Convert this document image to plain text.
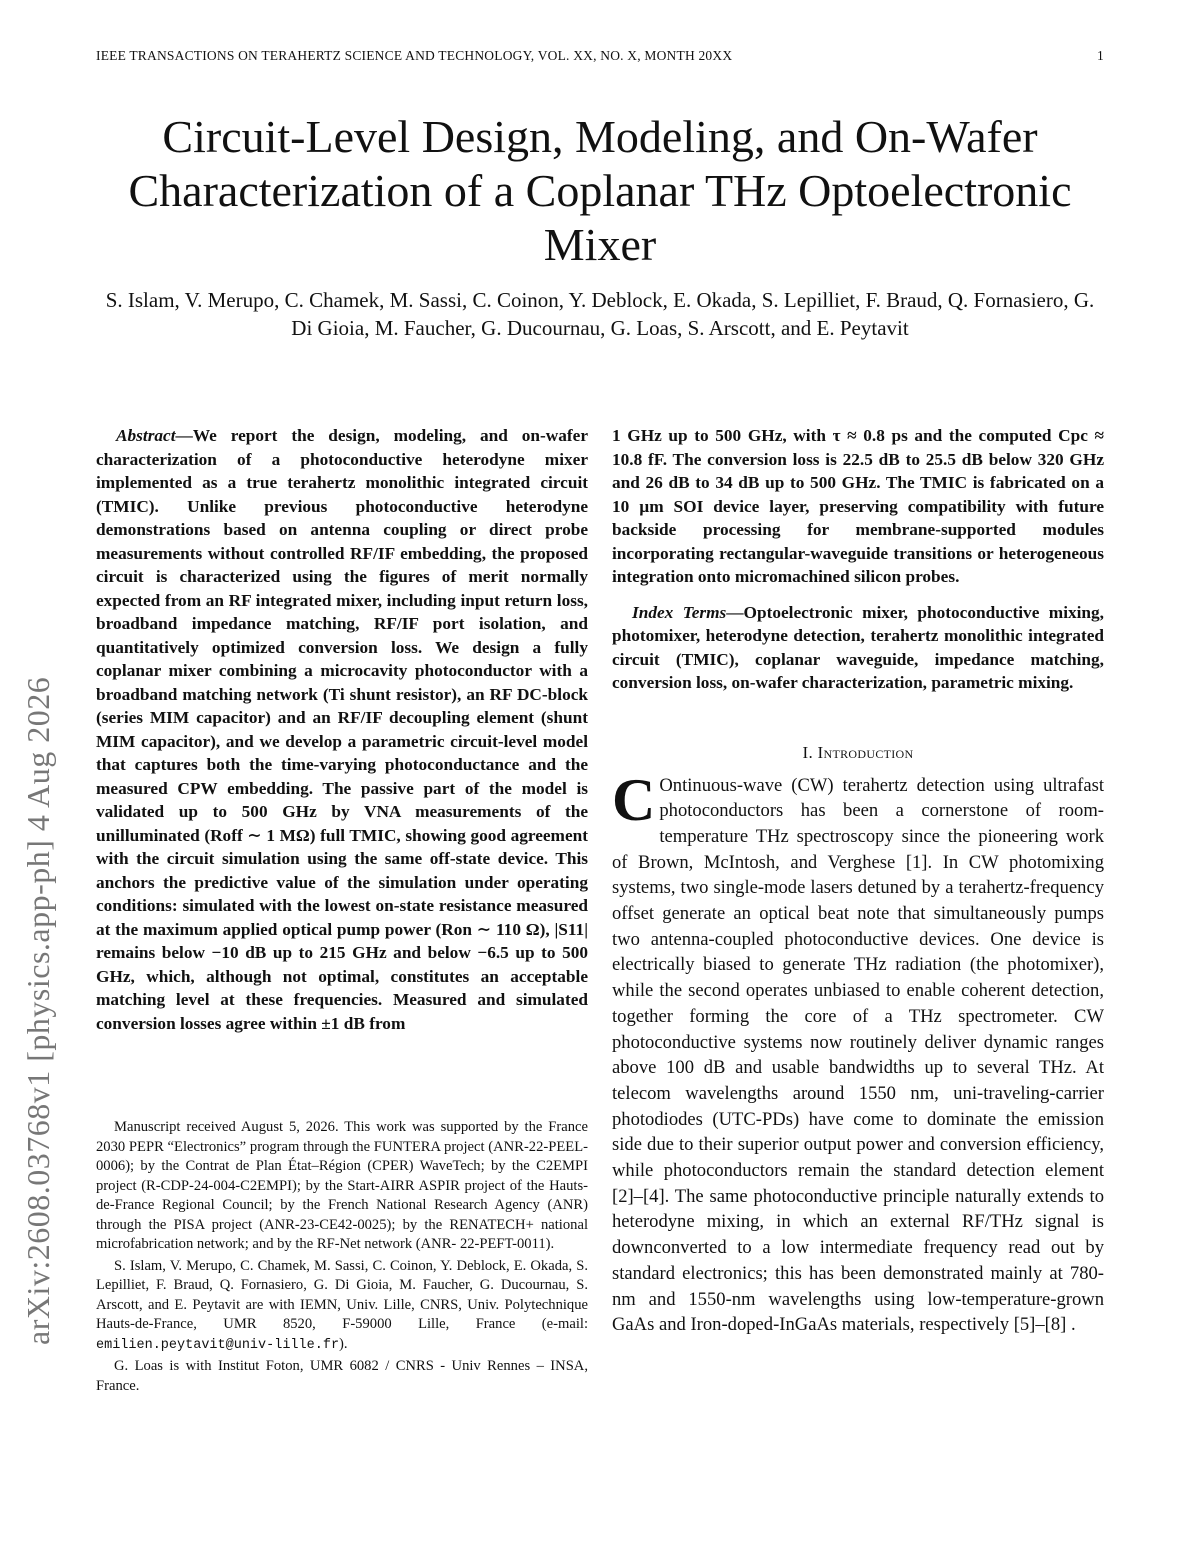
IEEE TRANSACTIONS ON TERAHERTZ SCIENCE AND TECHNOLOGY, VOL. XX, NO. X, MONTH 20XX	1
arXiv:2608.03768v1 [physics.app-ph] 4 Aug 2026
Circuit-Level Design, Modeling, and On-Wafer Characterization of a Coplanar THz Optoelectronic Mixer
S. Islam, V. Merupo, C. Chamek, M. Sassi, C. Coinon, Y. Deblock, E. Okada, S. Lepilliet, F. Braud, Q. Fornasiero, G. Di Gioia, M. Faucher, G. Ducournau, G. Loas, S. Arscott, and E. Peytavit

Abstract—We report the design, modeling, and on-wafer characterization of a photoconductive heterodyne mixer implemented as a true terahertz monolithic integrated circuit (TMIC). Unlike previous photoconductive heterodyne demonstrations based on antenna coupling or direct probe measurements without controlled RF/IF embedding, the proposed circuit is characterized using the figures of merit normally expected from an RF integrated mixer, including input return loss, broadband impedance matching, RF/IF port isolation, and quantitatively optimized conversion loss. We design a fully coplanar mixer combining a microcavity photoconductor with a broadband matching network (Ti shunt resistor), an RF DC-block (series MIM capacitor) and an RF/IF decoupling element (shunt MIM capacitor), and we develop a parametric circuit-level model that captures both the time-varying photoconductance and the measured CPW embedding. The passive part of the model is validated up to 500 GHz by VNA measurements of the unilluminated (Roff ∼ 1 MΩ) full TMIC, showing good agreement with the circuit simulation using the same off-state device. This anchors the predictive value of the simulation under operating conditions: simulated with the lowest on-state resistance measured at the maximum applied optical pump power (Ron ∼ 110 Ω), |S11| remains below −10 dB up to 215 GHz and below −6.5 up to 500 GHz, which, although not optimal, constitutes an acceptable matching level at these frequencies. Measured and simulated conversion losses agree within ±1 dB from

Manuscript received August 5, 2026. This work was supported by the France 2030 PEPR “Electronics” program through the FUNTERA project (ANR-22-PEEL-0006); by the Contrat de Plan État–Région (CPER) WaveTech; by the C2EMPI project (R-CDP-24-004-C2EMPI); by the Start-AIRR ASPIR project of the Hauts-de-France Regional Council; by the French National Research Agency (ANR) through the PISA project (ANR-23-CE42-0025); by the RENATECH+ national microfabrication network; and by the RF-Net network (ANR- 22-PEFT-0011).

S. Islam, V. Merupo, C. Chamek, M. Sassi, C. Coinon, Y. Deblock, E. Okada, S. Lepilliet, F. Braud, Q. Fornasiero, G. Di Gioia, M. Faucher, G. Ducournau, S. Arscott, and E. Peytavit are with IEMN, Univ. Lille, CNRS, Univ. Polytechnique Hauts-de-France, UMR 8520, F-59000 Lille, France (e-mail: emilien.peytavit@univ-lille.fr).

G. Loas is with Institut Foton, UMR 6082 / CNRS - Univ Rennes – INSA, France.

1 GHz up to 500 GHz, with τ ≈ 0.8 ps and the computed Cpc ≈ 10.8 fF. The conversion loss is 22.5 dB to 25.5 dB below 320 GHz and 26 dB to 34 dB up to 500 GHz. The TMIC is fabricated on a 10 µm SOI device layer, preserving compatibility with future backside processing for membrane-supported modules incorporating rectangular-waveguide transitions or heterogeneous integration onto micromachined silicon probes.

Index Terms—Optoelectronic mixer, photoconductive mixing, photomixer, heterodyne detection, terahertz monolithic integrated circuit (TMIC), coplanar waveguide, impedance matching, conversion loss, on-wafer characterization, parametric mixing.

I. Introduction

C Ontinuous-wave (CW) terahertz detection using ultrafast photoconductors has been a cornerstone of room-temperature THz spectroscopy since the pioneering work of Brown, McIntosh, and Verghese [1]. In CW photomixing systems, two single-mode lasers detuned by a terahertz-frequency offset generate an optical beat note that simultaneously pumps two antenna-coupled photoconductive devices. One device is electrically biased to generate THz radiation (the photomixer), while the second operates unbiased to enable coherent detection, together forming the core of a THz spectrometer. CW photoconductive systems now routinely deliver dynamic ranges above 100 dB and usable bandwidths up to several THz. At telecom wavelengths around 1550 nm, uni-traveling-carrier photodiodes (UTC-PDs) have come to dominate the emission side due to their superior output power and conversion efficiency, while photoconductors remain the standard detection element [2]–[4]. The same photoconductive principle naturally extends to heterodyne mixing, in which an external RF/THz signal is downconverted to a low intermediate frequency read out by standard electronics; this has been demonstrated mainly at 780-nm and 1550-nm wavelengths using low-temperature-grown GaAs and Iron-doped-InGaAs materials, respectively [5]–[8] .
